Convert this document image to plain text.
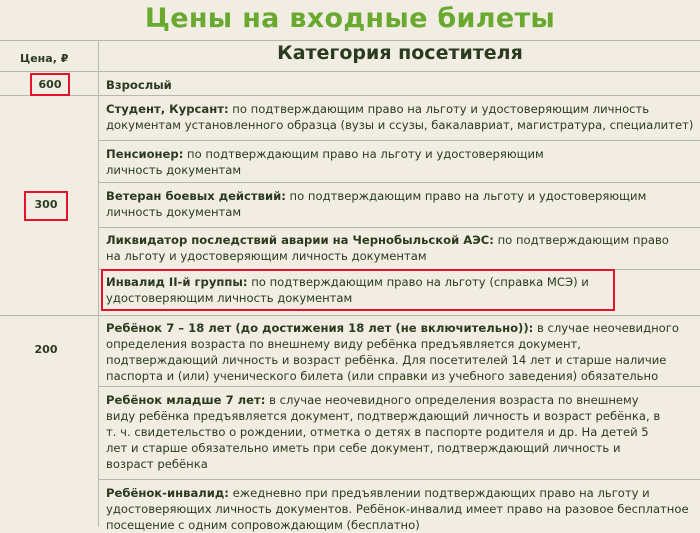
Цены на входные билеты
Цена, ₽	Категория посетителя
600
300
200
Взрослый
Студент, Курсант: по подтверждающим право на льготу и удостоверяющим личность документам установленного образца (вузы и ссузы, бакалавриат, магистратура, специалитет)
Пенсионер: по подтверждающим право на льготу и удостоверяющим личность документам
Ветеран боевых действий: по подтверждающим право на льготу и удостоверяющим личность документам
Ликвидатор последствий аварии на Чернобыльской АЭС: по подтверждающим право на льготу и удостоверяющим личность документам
Инвалид II-й группы: по подтверждающим право на льготу (справка МСЭ) и удостоверяющим личность документам
Ребёнок 7 – 18 лет (до достижения 18 лет (не включительно)): в случае неочевидного определения возраста по внешнему виду ребёнка предъявляется документ, подтверждающий личность и возраст ребёнка. Для посетителей 14 лет и старше наличие паспорта и (или) ученического билета (или справки из учебного заведения) обязательно
Ребёнок младше 7 лет: в случае неочевидного определения возраста по внешнему виду ребёнка предъявляется документ, подтверждающий личность и возраст ребёнка, в т. ч. свидетельство о рождении, отметка о детях в паспорте родителя и др. На детей 5 лет и старше обязательно иметь при себе документ, подтверждающий личность и возраст ребёнка
Ребёнок-инвалид: ежедневно при предъявлении подтверждающих право на льготу и удостоверяющих личность документов. Ребёнок-инвалид имеет право на разовое бесплатное посещение с одним сопровождающим (бесплатно)
